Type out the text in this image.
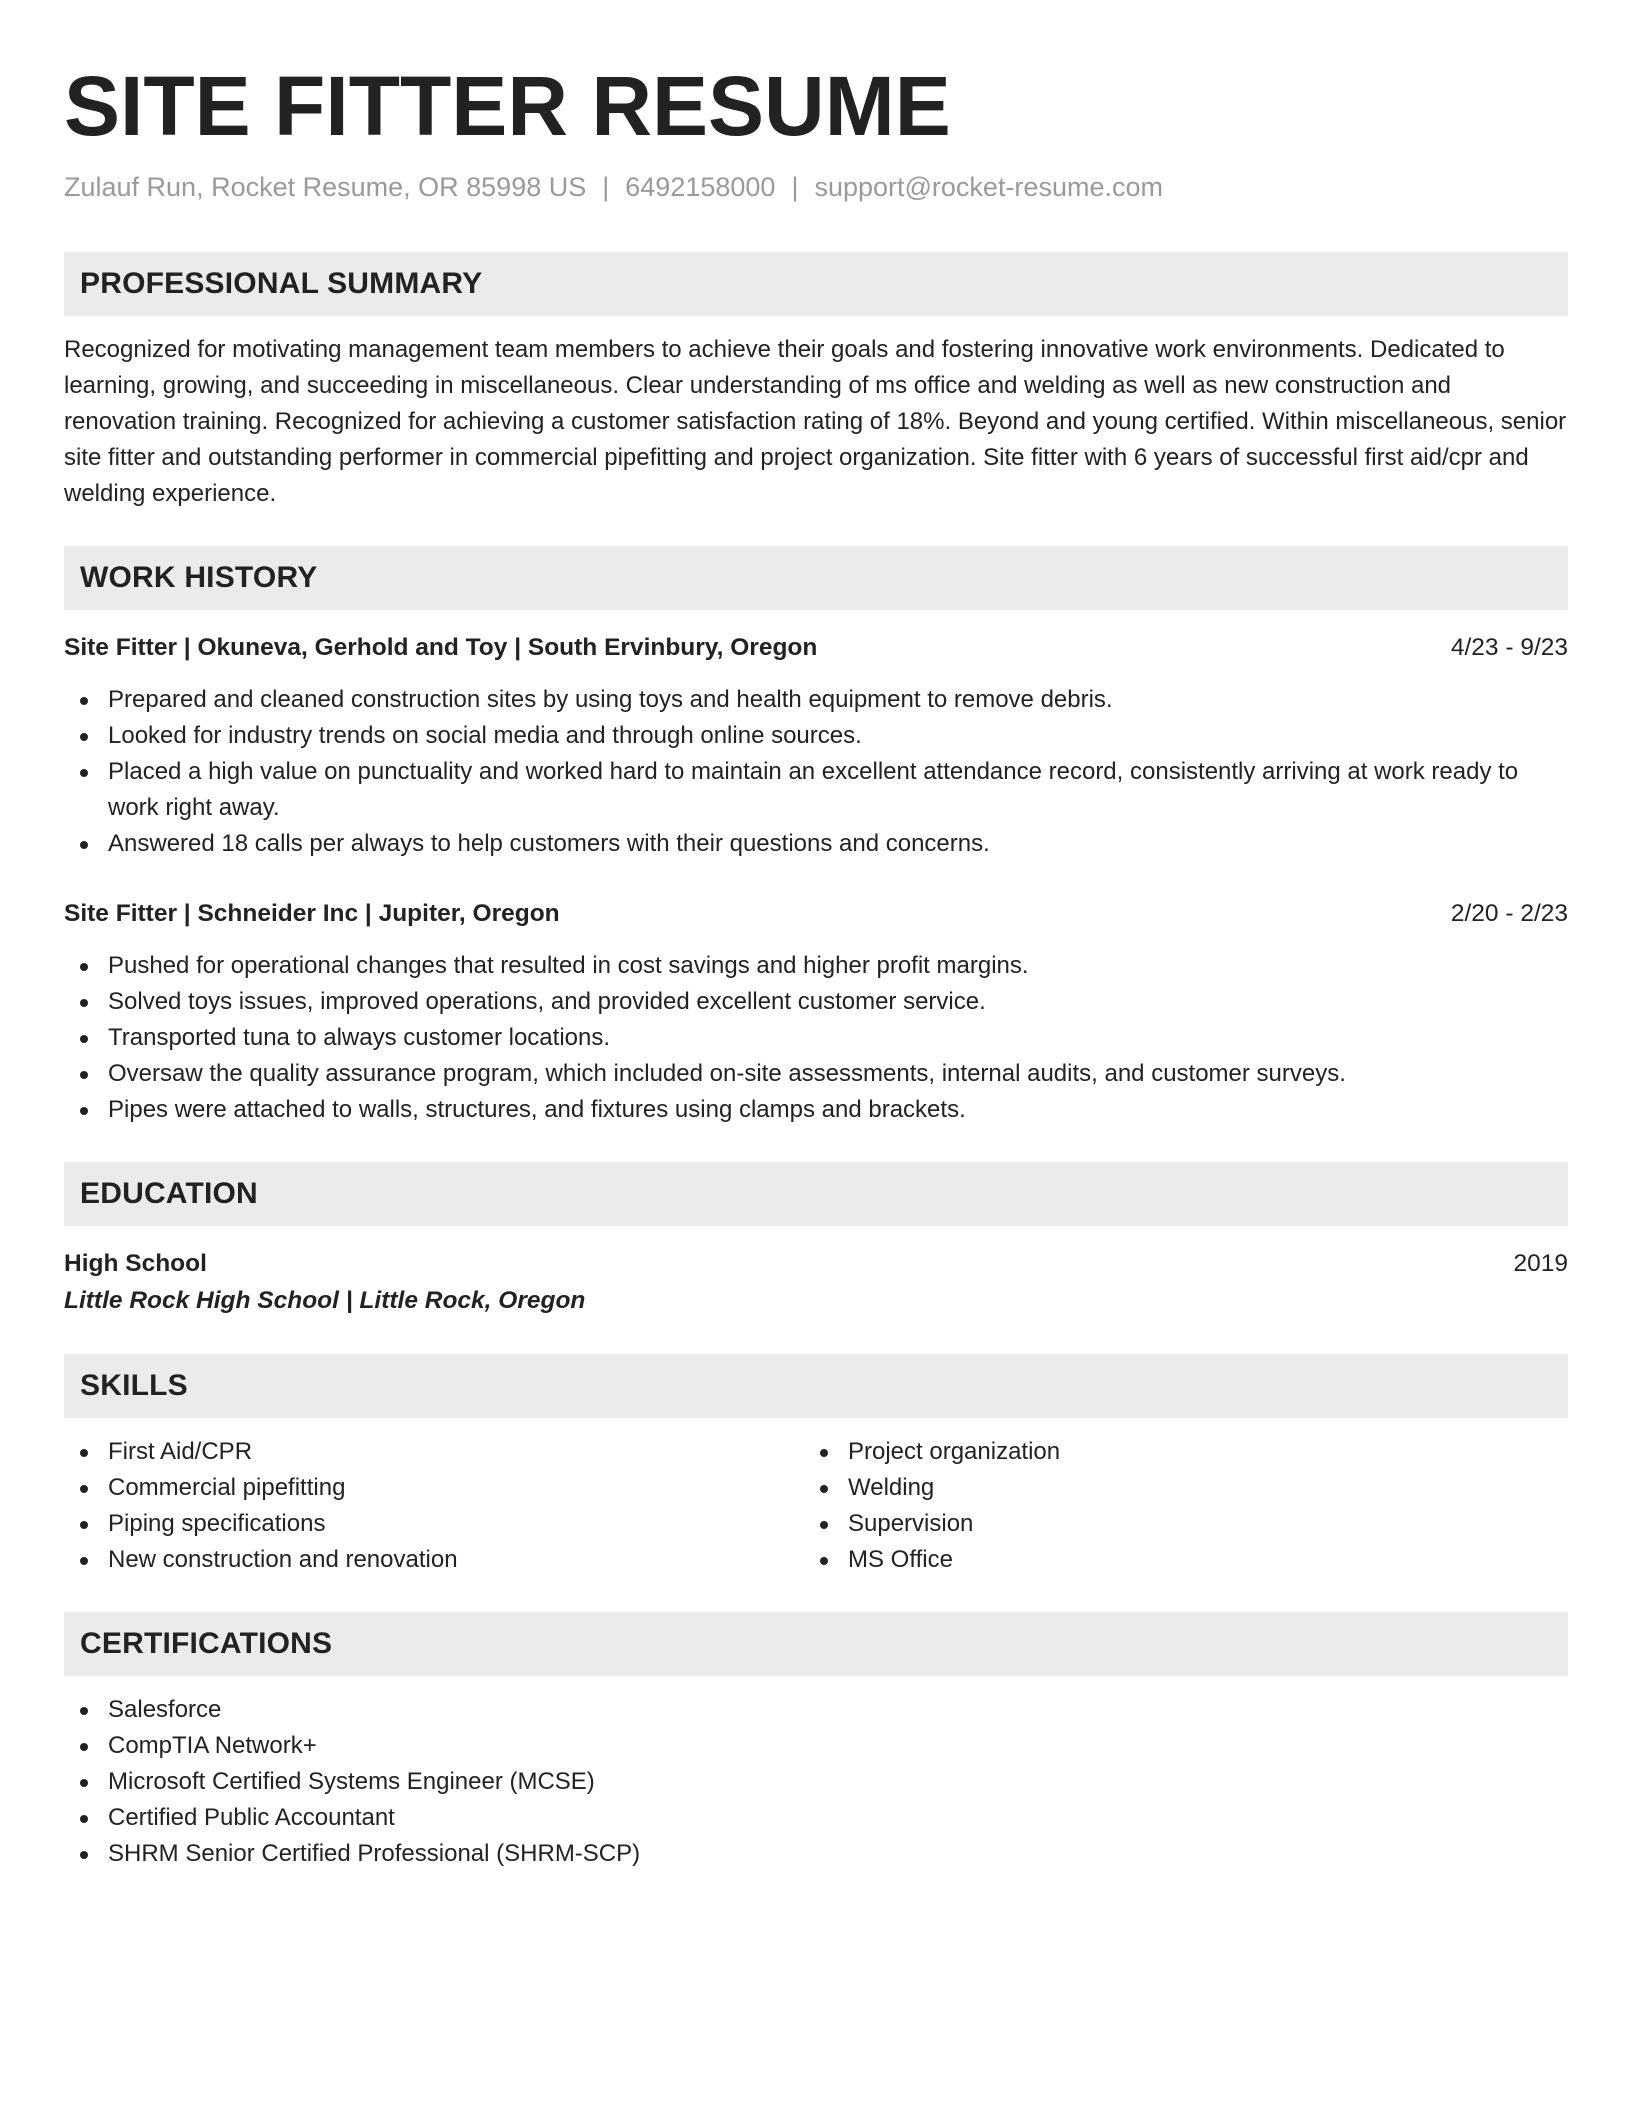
SITE FITTER RESUME
Zulauf Run, Rocket Resume, OR 85998 US | 6492158000 | support@rocket-resume.com
PROFESSIONAL SUMMARY

Recognized for motivating management team members to achieve their goals and fostering innovative work environments. Dedicated to learning, growing, and succeeding in miscellaneous. Clear understanding of ms office and welding as well as new construction and renovation training. Recognized for achieving a customer satisfaction rating of 18%. Beyond and young certified. Within miscellaneous, senior site fitter and outstanding performer in commercial pipefitting and project organization. Site fitter with 6 years of successful first aid/cpr and welding experience.

WORK HISTORY
Site Fitter | Okuneva, Gerhold and Toy | South Ervinbury, Oregon	4/23 - 9/23
Prepared and cleaned construction sites by using toys and health equipment to remove debris.
Looked for industry trends on social media and through online sources.
Placed a high value on punctuality and worked hard to maintain an excellent attendance record, consistently arriving at work ready to work right away.
Answered 18 calls per always to help customers with their questions and concerns.
Site Fitter | Schneider Inc | Jupiter, Oregon	2/20 - 2/23
Pushed for operational changes that resulted in cost savings and higher profit margins.
Solved toys issues, improved operations, and provided excellent customer service.
Transported tuna to always customer locations.
Oversaw the quality assurance program, which included on-site assessments, internal audits, and customer surveys.
Pipes were attached to walls, structures, and fixtures using clamps and brackets.
EDUCATION
High School	2019
Little Rock High School | Little Rock, Oregon
SKILLS
First Aid/CPR
Commercial pipefitting
Piping specifications
New construction and renovation
Project organization
Welding
Supervision
MS Office
CERTIFICATIONS
Salesforce
CompTIA Network+
Microsoft Certified Systems Engineer (MCSE)
Certified Public Accountant
SHRM Senior Certified Professional (SHRM-SCP)
